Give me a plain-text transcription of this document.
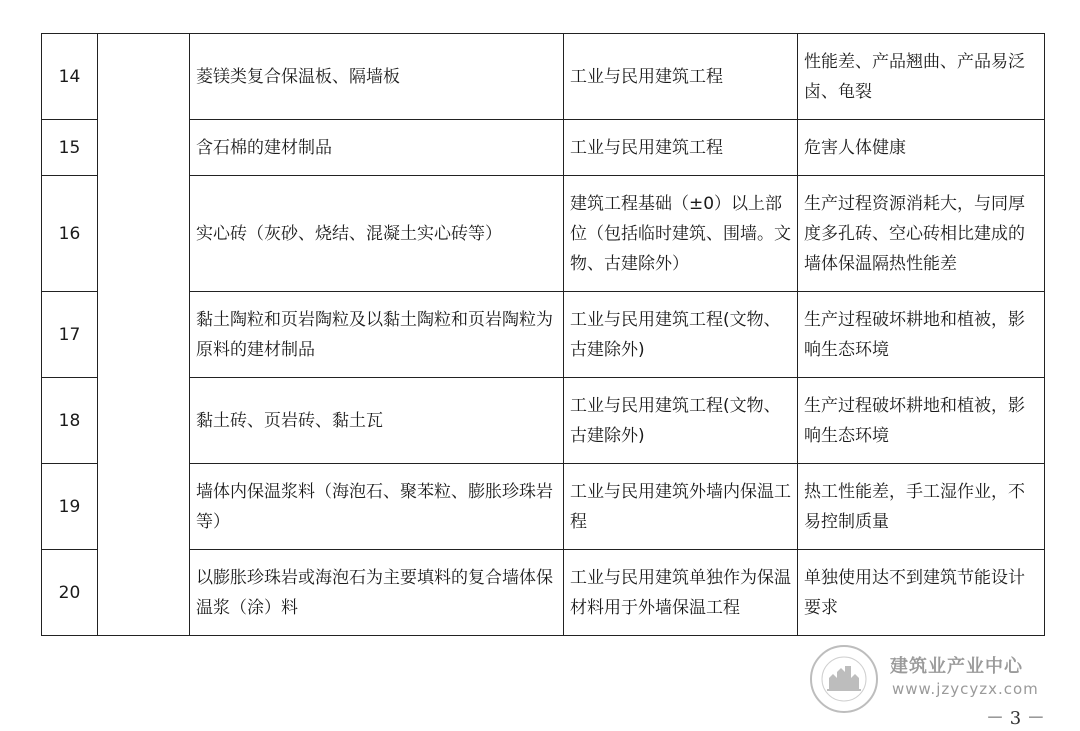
14		菱镁类复合保温板、隔墙板	工业与民用建筑工程	性能差、产品翘曲、产品易泛卤、龟裂
15		含石棉的建材制品	工业与民用建筑工程	危害人体健康
16		实心砖（灰砂、烧结、混凝土实心砖等）	建筑工程基础（±0）以上部位（包括临时建筑、围墙。文物、古建除外）	生产过程资源消耗大，与同厚度多孔砖、空心砖相比建成的墙体保温隔热性能差
17		黏土陶粒和页岩陶粒及以黏土陶粒和页岩陶粒为原料的建材制品	工业与民用建筑工程(文物、古建除外)	生产过程破坏耕地和植被，影响生态环境
18		黏土砖、页岩砖、黏土瓦	工业与民用建筑工程(文物、古建除外)	生产过程破坏耕地和植被，影响生态环境
19		墙体内保温浆料（海泡石、聚苯粒、膨胀珍珠岩等）	工业与民用建筑外墙内保温工程	热工性能差，手工湿作业，不易控制质量
20		以膨胀珍珠岩或海泡石为主要填料的复合墙体保温浆（涂）料	工业与民用建筑单独作为保温材料用于外墙保温工程	单独使用达不到建筑节能设计要求
建筑业产业中心
www.jzycyzx.com
－ 3 －
